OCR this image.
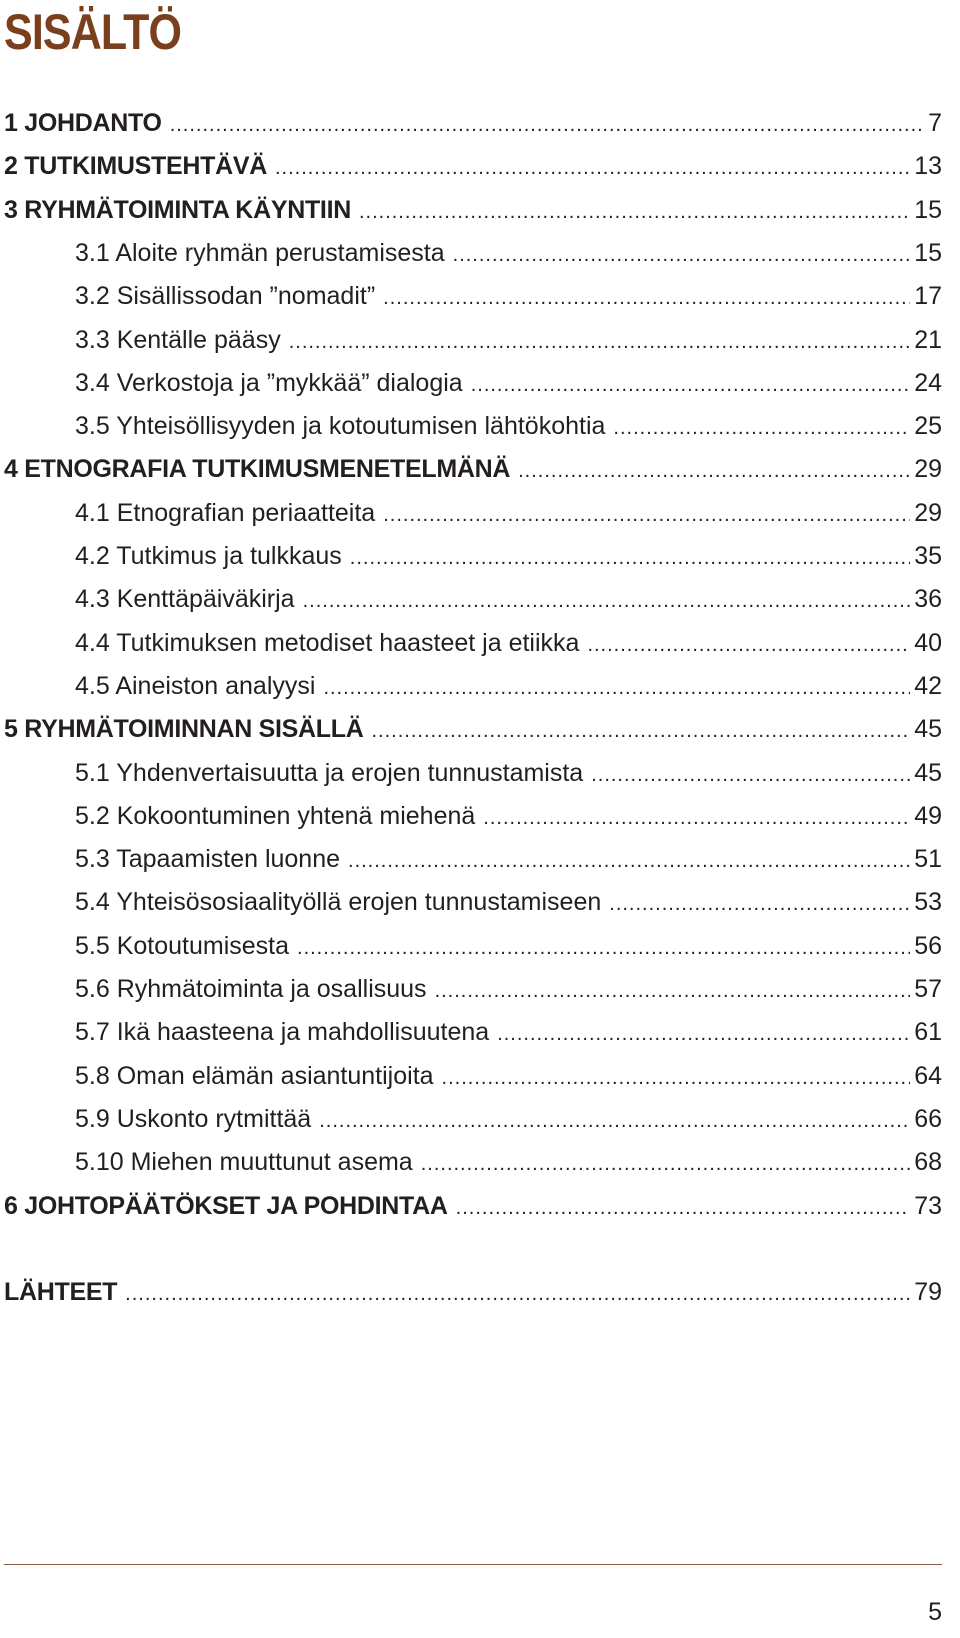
SISÄLTÖ
1 JOHDANTO .....	7
2 TUTKIMUSTEHTÄVÄ .....	13
3 RYHMÄTOIMINTA KÄYNTIIN .....	15
3.1 Aloite ryhmän perustamisesta .....	15
3.2 Sisällissodan ”nomadit” .....	17
3.3 Kentälle pääsy .....	21
3.4 Verkostoja ja ”mykkää” dialogia .....	24
3.5 Yhteisöllisyyden ja kotoutumisen lähtökohtia .....	25
4 ETNOGRAFIA TUTKIMUSMENETELMÄNÄ .....	29
4.1 Etnografian periaatteita .....	29
4.2 Tutkimus ja tulkkaus .....	35
4.3 Kenttäpäiväkirja .....	36
4.4 Tutkimuksen metodiset haasteet ja etiikka .....	40
4.5 Aineiston analyysi .....	42
5 RYHMÄTOIMINNAN SISÄLLÄ .....	45
5.1 Yhdenvertaisuutta ja erojen tunnustamista .....	45
5.2 Kokoontuminen yhtenä miehenä .....	49
5.3 Tapaamisten luonne .....	51
5.4 Yhteisösosiaalityöllä erojen tunnustamiseen .....	53
5.5 Kotoutumisesta .....	56
5.6 Ryhmätoiminta ja osallisuus .....	57
5.7 Ikä haasteena ja mahdollisuutena .....	61
5.8 Oman elämän asiantuntijoita .....	64
5.9 Uskonto rytmittää .....	66
5.10 Miehen muuttunut asema .....	68
6 JOHTOPÄÄTÖKSET JA POHDINTAA .....	73
LÄHTEET .....	79
5
